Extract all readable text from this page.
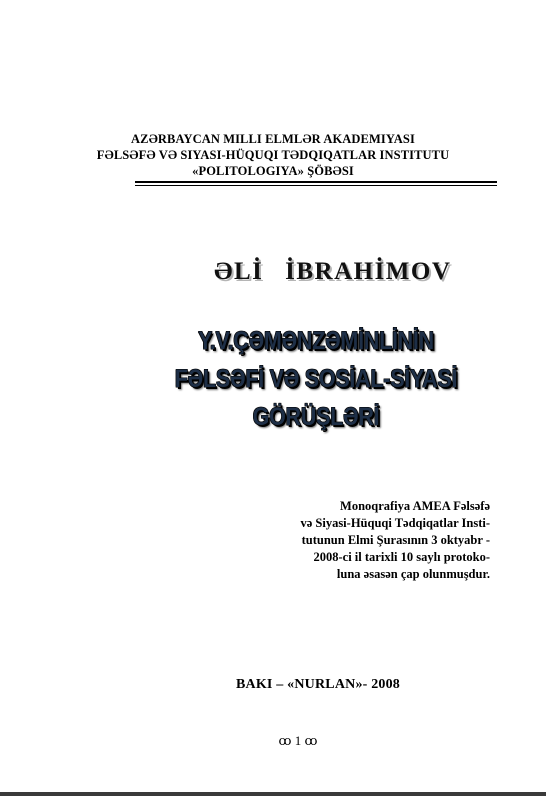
AZƏRBAYCAN MILLI ELMLƏR AKADEMIYASI
FƏLSƏFƏ VƏ SIYASI-HÜQUQI TƏDQIQATLAR INSTITUTU
«POLITOLOGIYA» ŞÖBƏSI
ƏLİ İBRAHİMOV
Y.V.ÇƏMƏNZƏMİNLİNİN
FƏLSƏFİ VƏ SOSİAL-SİYASİ
GÖRÜŞLƏRİ
Monoqrafiya AMEA Fəlsəfə
və Siyasi-Hüquqi Tədqiqatlar Insti-
tutunun Elmi Şurasının 3 oktyabr -
2008-ci il tarixli 10 saylı protoko-
luna əsasən çap olunmuşdur.
BAKI – «NURLAN»- 2008
ꝏ 1 ꝏ
